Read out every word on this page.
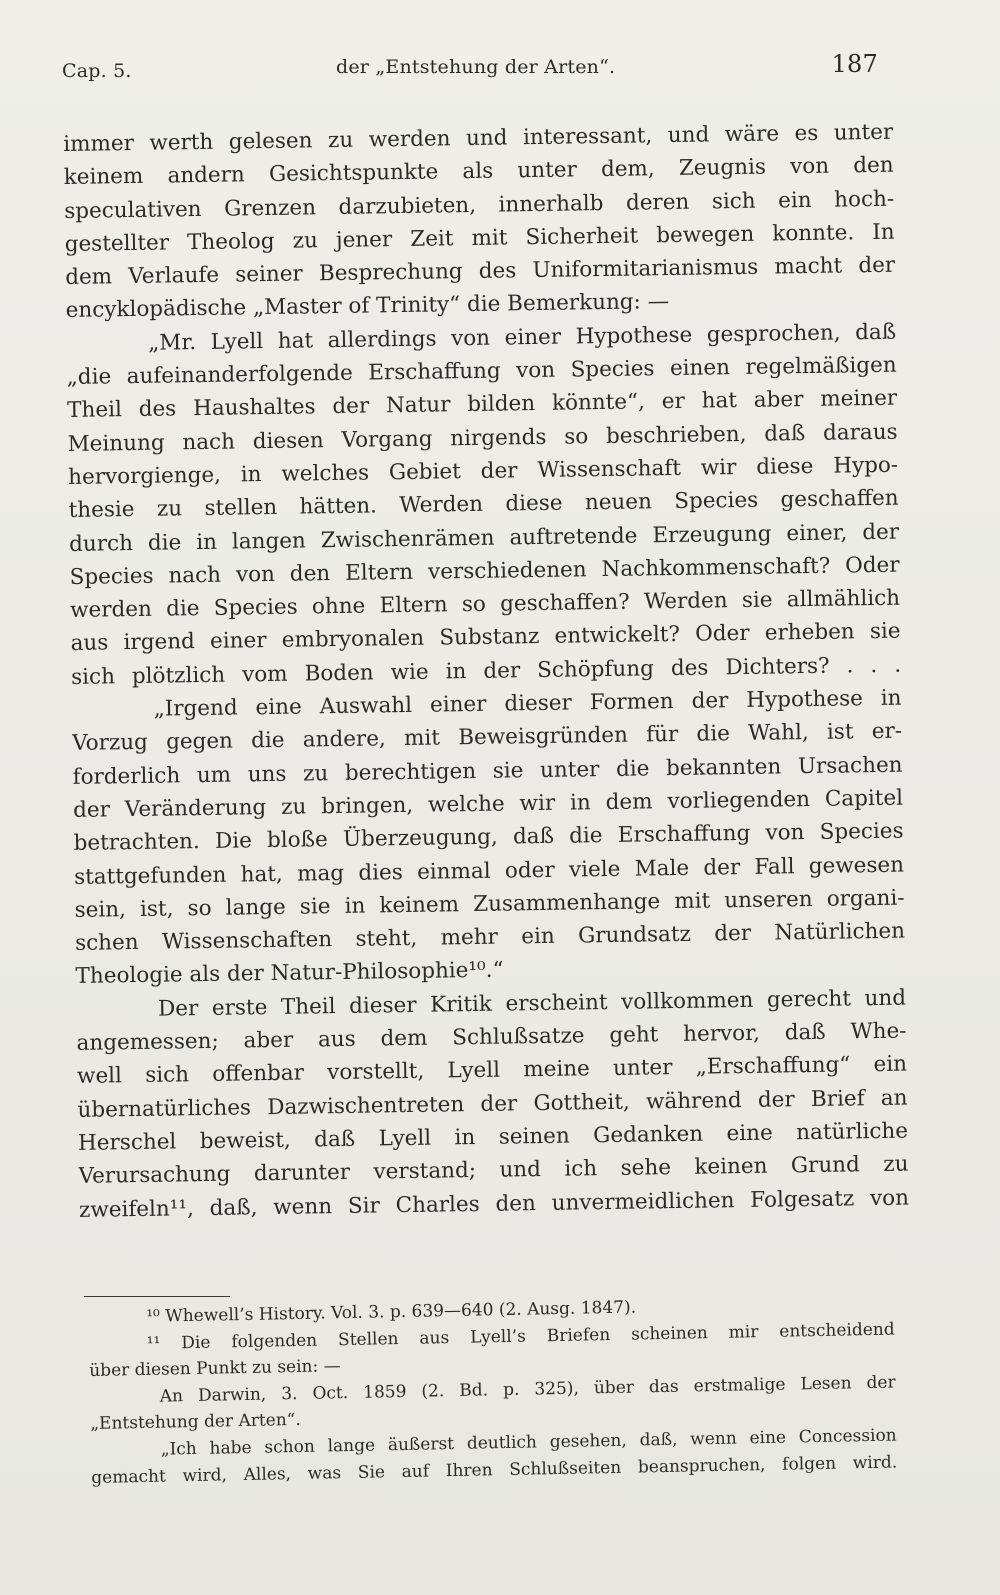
Cap. 5.	der „Entstehung der Arten“.	187
immer werth gelesen zu werden und interessant, und wäre es unter
keinem andern Gesichtspunkte als unter dem, Zeugnis von den
speculativen Grenzen darzubieten, innerhalb deren sich ein hoch-
gestellter Theolog zu jener Zeit mit Sicherheit bewegen konnte. In
dem Verlaufe seiner Besprechung des Uniformitarianismus macht der
encyklopädische „Master of Trinity“ die Bemerkung: —
„Mr. Lyell hat allerdings von einer Hypothese gesprochen, daß
„die aufeinanderfolgende Erschaffung von Species einen regelmäßigen
Theil des Haushaltes der Natur bilden könnte“, er hat aber meiner
Meinung nach diesen Vorgang nirgends so beschrieben, daß daraus
hervorgienge, in welches Gebiet der Wissenschaft wir diese Hypo-
thesie zu stellen hätten. Werden diese neuen Species geschaffen
durch die in langen Zwischenrämen auftretende Erzeugung einer, der
Species nach von den Eltern verschiedenen Nachkommenschaft? Oder
werden die Species ohne Eltern so geschaffen? Werden sie allmählich
aus irgend einer embryonalen Substanz entwickelt? Oder erheben sie
sich plötzlich vom Boden wie in der Schöpfung des Dichters? . . .
„Irgend eine Auswahl einer dieser Formen der Hypothese in
Vorzug gegen die andere, mit Beweisgründen für die Wahl, ist er-
forderlich um uns zu berechtigen sie unter die bekannten Ursachen
der Veränderung zu bringen, welche wir in dem vorliegenden Capitel
betrachten. Die bloße Überzeugung, daß die Erschaffung von Species
stattgefunden hat, mag dies einmal oder viele Male der Fall gewesen
sein, ist, so lange sie in keinem Zusammenhange mit unseren organi-
schen Wissenschaften steht, mehr ein Grundsatz der Natürlichen
Theologie als der Natur-Philosophie¹⁰.“
Der erste Theil dieser Kritik erscheint vollkommen gerecht und
angemessen; aber aus dem Schlußsatze geht hervor, daß Whe-
well sich offenbar vorstellt, Lyell meine unter „Erschaffung“ ein
übernatürliches Dazwischentreten der Gottheit, während der Brief an
Herschel beweist, daß Lyell in seinen Gedanken eine natürliche
Verursachung darunter verstand; und ich sehe keinen Grund zu
zweifeln¹¹, daß, wenn Sir Charles den unvermeidlichen Folgesatz von
¹⁰ Whewell’s History. Vol. 3. p. 639—640 (2. Ausg. 1847).
¹¹ Die folgenden Stellen aus Lyell’s Briefen scheinen mir entscheidend
über diesen Punkt zu sein: —
An Darwin, 3. Oct. 1859 (2. Bd. p. 325), über das erstmalige Lesen der
„Entstehung der Arten“.
„Ich habe schon lange äußerst deutlich gesehen, daß, wenn eine Concession
gemacht wird, Alles, was Sie auf Ihren Schlußseiten beanspruchen, folgen wird.
